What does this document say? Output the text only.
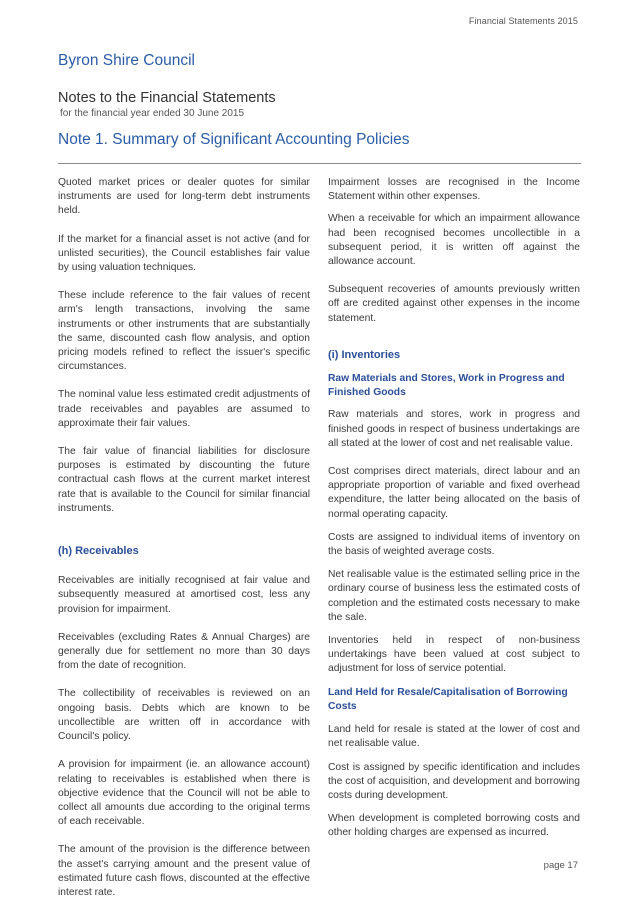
Financial Statements 2015
Byron Shire Council
Notes to the Financial Statements
for the financial year ended 30 June 2015
Note 1. Summary of Significant Accounting Policies

Quoted market prices or dealer quotes for similar instruments are used for long-term debt instruments held.

If the market for a financial asset is not active (and for unlisted securities), the Council establishes fair value by using valuation techniques.

These include reference to the fair values of recent arm's length transactions, involving the same instruments or other instruments that are substantially the same, discounted cash flow analysis, and option pricing models refined to reflect the issuer's specific circumstances.

The nominal value less estimated credit adjustments of trade receivables and payables are assumed to approximate their fair values.

The fair value of financial liabilities for disclosure purposes is estimated by discounting the future contractual cash flows at the current market interest rate that is available to the Council for similar financial instruments.

(h) Receivables

Receivables are initially recognised at fair value and subsequently measured at amortised cost, less any provision for impairment.

Receivables (excluding Rates & Annual Charges) are generally due for settlement no more than 30 days from the date of recognition.

The collectibility of receivables is reviewed on an ongoing basis. Debts which are known to be uncollectible are written off in accordance with Council's policy.

A provision for impairment (ie. an allowance account) relating to receivables is established when there is objective evidence that the Council will not be able to collect all amounts due according to the original terms of each receivable.

The amount of the provision is the difference between the asset's carrying amount and the present value of estimated future cash flows, discounted at the effective interest rate.

Impairment losses are recognised in the Income Statement within other expenses.

When a receivable for which an impairment allowance had been recognised becomes uncollectible in a subsequent period, it is written off against the allowance account.

Subsequent recoveries of amounts previously written off are credited against other expenses in the income statement.

(i) Inventories
Raw Materials and Stores, Work in Progress and Finished Goods

Raw materials and stores, work in progress and finished goods in respect of business undertakings are all stated at the lower of cost and net realisable value.

Cost comprises direct materials, direct labour and an appropriate proportion of variable and fixed overhead expenditure, the latter being allocated on the basis of normal operating capacity.

Costs are assigned to individual items of inventory on the basis of weighted average costs.

Net realisable value is the estimated selling price in the ordinary course of business less the estimated costs of completion and the estimated costs necessary to make the sale.

Inventories held in respect of non-business undertakings have been valued at cost subject to adjustment for loss of service potential.

Land Held for Resale/Capitalisation of Borrowing Costs

Land held for resale is stated at the lower of cost and net realisable value.

Cost is assigned by specific identification and includes the cost of acquisition, and development and borrowing costs during development.

When development is completed borrowing costs and other holding charges are expensed as incurred.

page 17
